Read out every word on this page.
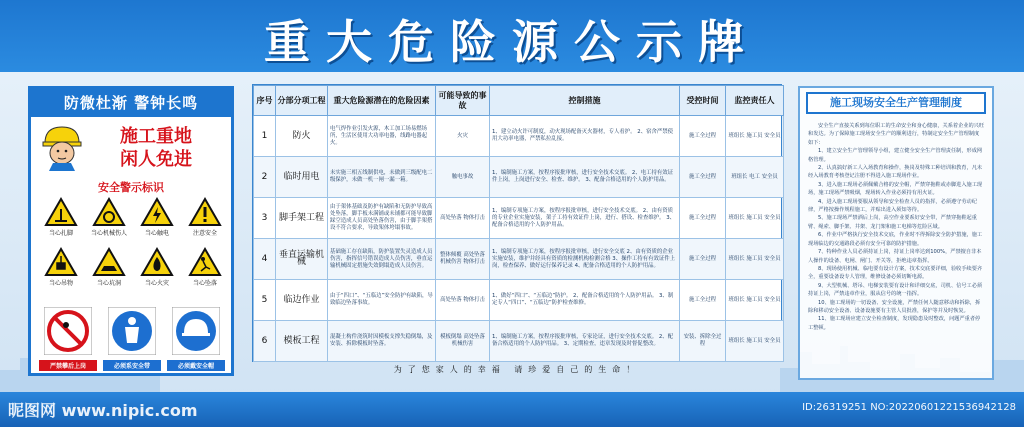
重大危险源公示牌
防微杜渐 警钟长鸣
施工重地
闲人免进
安全警示标识
当心扎脚	当心机械伤人	当心触电	注意安全
当心吊物	当心坑洞	当心火灾	当心坠落
严禁攀后上岗	必须系安全带	必须戴安全帽
序号	分部分项工程	重大危险源潜在的危险因素	可能导致的事故	控制措施	受控时间	监控责任人
1	防火	电气焊作业引发火源，木工加工场易燃场所，生活区使用大功率电器，线路电器起火。	火灾	1、建立动火许可制度，动火现场配备灭火器材，专人看护。 2、宿舍严禁使用大功率电器，严禁私拉乱接。	施工全过程	班组长 施工员 安全员
2	临时用电	未实施三相五线制供电，未做到三级配电二级保护，未做一机一闸一漏一箱。	触电事故	1、编制施工方案，按程序报批审核，进行安全技术交底。 2、电工持有效证件上岗，上岗进行安全、检查、维护。 3、配备合格适用的个人防护用品。	施工全过程	班组长 电工 安全员
3	脚手架工程	由于架体基础及防护有缺陷和无防护导致高处坠落，脚手板未满铺或未铺都可能导致脚踩空造成人员高处坠落伤害，由于脚手架搭设不符合要求，导致架体垮塌事故。	高处坠落 物体打击	1、编制专项施工方案，按程序报批审核，进行安全技术交底。 2、由有资质的专业企业实施安装，架子工持有效证件上岗，进行、搭设、检查维护。 3、配备合格适用的个人防护用品。	施工全过程	班组长 施工员 安全员
4	垂直运输机械	基础施工存在缺陷，防护装置失灵造成人员伤害，指挥信号错误造成人员伤害，垂直运输机械固定措施失效倒塌造成人员伤害。	整体倾覆 高处坠落 机械伤害 物体打击	1、编制专项施工方案，按程序报批审核，进行安全交底 2、由有资质的企业实施安装，维护并经具有资质的检测机构检测合格 3、操作工持有有效证件上岗，检查保养、做好运行保养记录 4、配备合格适用的个人防护用品。	施工全过程	班组长 施工员 安全员
5	临边作业	由于“四口”、“五临边”安全防护有缺陷，导致临边坠落事故。	高处坠落 物体打击	1、做好“四口”、“五临边”防护。 2、配备合格适用的个人防护用品。 3、制定专人“四口”、“五临边”防护检查维修。	施工全过程	班组长 施工员 安全员
6	模板工程	混凝土构件浇筑时因模板支撑失稳倒塌，及安装、拆除模板时坠落。	模板倒塌 高处坠落 机械伤害	1、编制施工方案，按程序报批审核，专家论证，进行安全技术交底。 2、配备合格适用的个人防护用品。 3、定期检查，违章发现及时督促整改。	安装、拆除全过程	班组长 施工员 安全员
为了您家人的幸福 请珍爱自己的生命！
施工现场安全生产管理制度

安全生产直接关系到每位职工的生命安全和身心健康，关系着企业的兴旺和发达。为了保障施工现场安全生产的顺利进行，特制定安全生产管理制度如下：

1、建立安全生产管理领导小组，建立健全安全生产管理责任制，形成网格管理。

2、认真搞好新工人入场教育和操作，换岗及特殊工种培训和教育，凡未经入场教育考核登记注册不得进入施工现场作业。

3、进入施工现场必须佩戴合格的安全帽，严禁穿拖鞋或赤脚进入施工现场，施工现场严禁吸烟，现场转入作业必须持有用火证。

4、进入施工现场要服从领导和安全检查人员的指挥，必须遵守劳动纪律，严格按操作规程施工，并贴出进入须知等待。

5、施工现场严禁酒后上岗，高空作业要系好安全带，严禁穿拖鞋起重臂、绳索、脚手架、井架、龙门架和施工电梯等危险区域。

6、作业中严格执行安全技术交底，作业时不得拆除安全防护措施，施工现场临边的交通路段必须有安全可靠的防护措施。

7、特种作业人员必须持证上岗，持证上岗率达到100%，严禁擅自非本人操作的设备、电闸、闸门、开关等，拒绝违章指挥。

8、现场使用机械、临电要有设计方案，技术交底要详细，验收手续要齐全，重要设备设专人管理，维修设备必须切断电源。

9、大型机械、塔吊、电梯安装要有设计和详细交底，司机、信号工必须持证上岗，严禁违章作业，服从信号的统一指挥。

10、施工现场的一切设备、安全设施，严禁任何人随意移动和拆除，拆除和移动安全设备、设备设施要有主管人员批准，保护等并及时恢复。

11、施工现场应建立安全检查制度，发现隐患及时整改，问题严重者停工整顿。

昵图网 www.nipic.com	ID:26319251 NO:20220601221536942128
